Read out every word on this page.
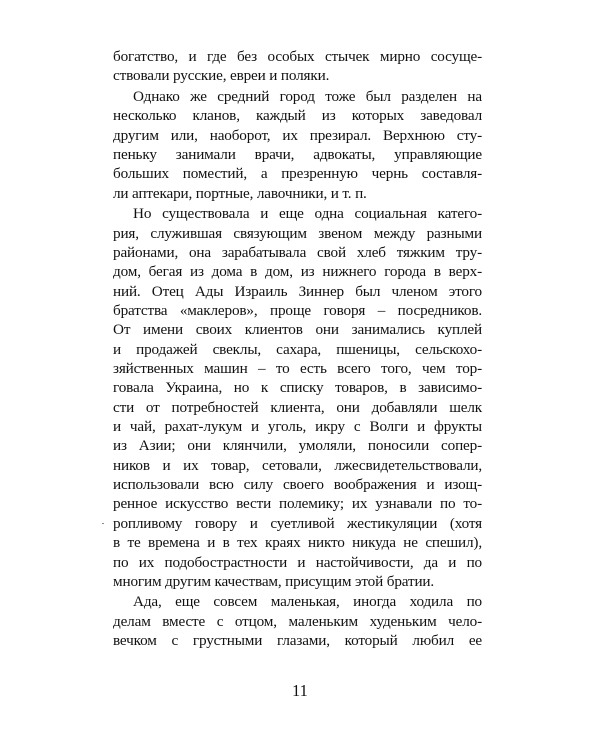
богатство, и где без особых стычек мирно сосуще-
ствовали русские, евреи и поляки.
Однако же средний город тоже был разделен на
несколько кланов, каждый из которых заведовал
другим или, наоборот, их презирал. Верхнюю сту-
пеньку занимали врачи, адвокаты, управляющие
больших поместий, а презренную чернь составля-
ли аптекари, портные, лавочники, и т. п.
Но существовала и еще одна социальная катего-
рия, служившая связующим звеном между разными
районами, она зарабатывала свой хлеб тяжким тру-
дом, бегая из дома в дом, из нижнего города в верх-
ний. Отец Ады Израиль Зиннер был членом этого
братства «маклеров», проще говоря – посредников.
От имени своих клиентов они занимались куплей
и продажей свеклы, сахара, пшеницы, сельскохо-
зяйственных машин – то есть всего того, чем тор-
говала Украина, но к списку товаров, в зависимо-
сти от потребностей клиента, они добавляли шелк
и чай, рахат-лукум и уголь, икру с Волги и фрукты
из Азии; они клянчили, умоляли, поносили сопер-
ников и их товар, сетовали, лжесвидетельствовали,
использовали всю силу своего воображения и изощ-
ренное искусство вести полемику; их узнавали по то-
ропливому говору и суетливой жестикуляции (хотя
в те времена и в тех краях никто никуда не спешил),
по их подобострастности и настойчивости, да и по
многим другим качествам, присущим этой братии.
Ада, еще совсем маленькая, иногда ходила по
делам вместе с отцом, маленьким худеньким чело-
вечком с грустными глазами, который любил ее
11
